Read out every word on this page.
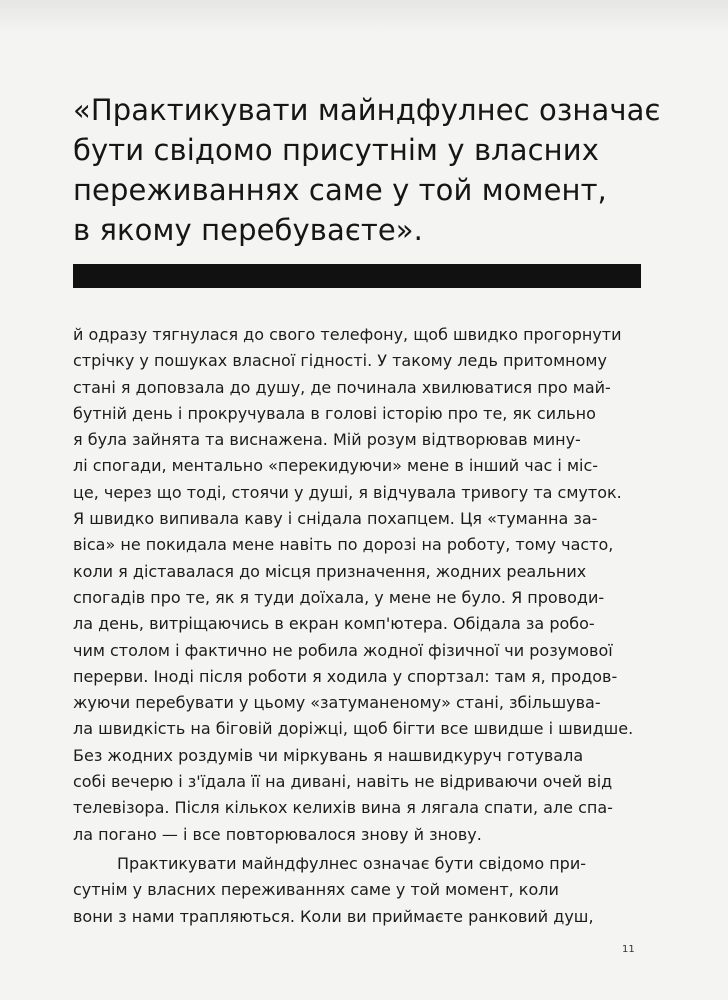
«Практикувати майндфулнес означає
бути свідомо присутнім у власних
переживаннях саме у той момент,
в якому перебуваєте».
й одразу тягнулася до свого телефону, щоб швидко прогорнути
стрічку у пошуках власної гідності. У такому ледь притомному
стані я доповзала до душу, де починала хвилюватися про май-
бутній день і прокручувала в голові історію про те, як сильно
я була зайнята та виснажена. Мій розум відтворював мину-
лі спогади, ментально «перекидуючи» мене в інший час і міс-
це, через що тоді, стоячи у душі, я відчувала тривогу та смуток.
Я швидко випивала каву і снідала похапцем. Ця «туманна за-
віса» не покидала мене навіть по дорозі на роботу, тому часто,
коли я діставалася до місця призначення, жодних реальних
спогадів про те, як я туди доїхала, у мене не було. Я проводи-
ла день, витріщаючись в екран комп'ютера. Обідала за робо-
чим столом і фактично не робила жодної фізичної чи розумової
перерви. Іноді після роботи я ходила у спортзал: там я, продов-
жуючи перебувати у цьому «затуманеному» стані, збільшува-
ла швидкість на біговій доріжці, щоб бігти все швидше і швидше.
Без жодних роздумів чи міркувань я нашвидкуруч готувала
собі вечерю і з'їдала її на дивані, навіть не відриваючи очей від
телевізора. Після кількох келихів вина я лягала спати, але спа-
ла погано — і все повторювалося знову й знову.
Практикувати майндфулнес означає бути свідомо при-
сутнім у власних переживаннях саме у той момент, коли
вони з нами трапляються. Коли ви приймаєте ранковий душ,
11
